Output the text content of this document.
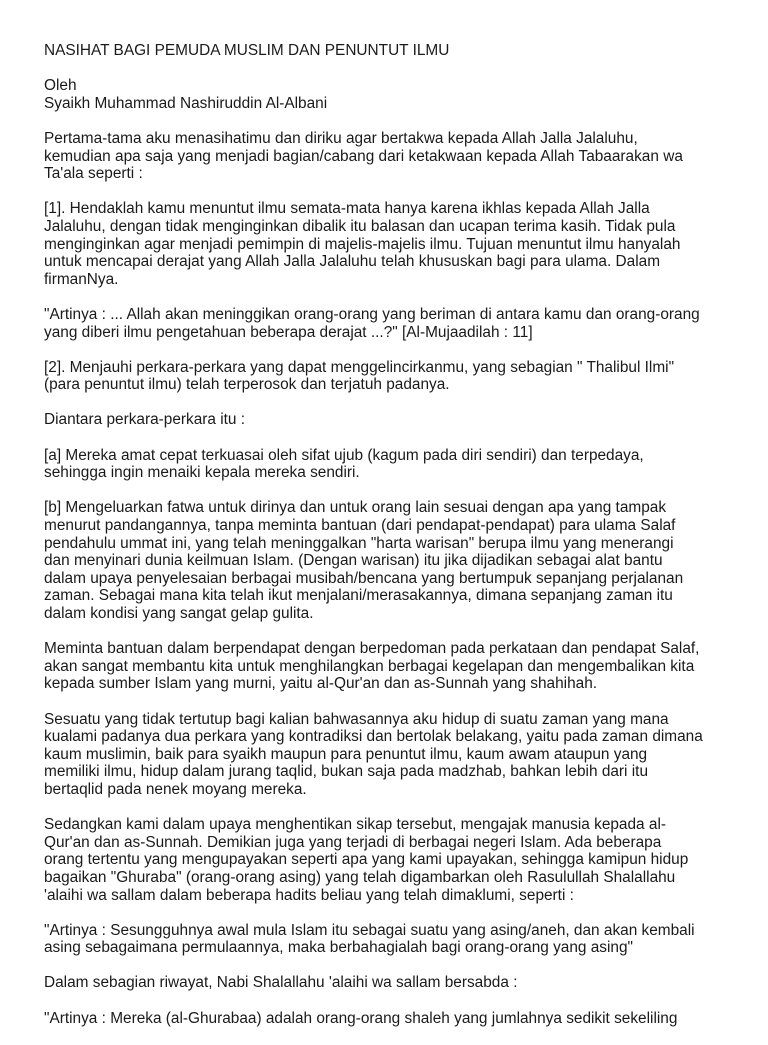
NASIHAT BAGI PEMUDA MUSLIM DAN PENUNTUT ILMU
Oleh
Syaikh Muhammad Nashiruddin Al-Albani
Pertama-tama aku menasihatimu dan diriku agar bertakwa kepada Allah Jalla Jalaluhu,
kemudian apa saja yang menjadi bagian/cabang dari ketakwaan kepada Allah Tabaarakan wa
Ta'ala seperti :
[1]. Hendaklah kamu menuntut ilmu semata-mata hanya karena ikhlas kepada Allah Jalla
Jalaluhu, dengan tidak menginginkan dibalik itu balasan dan ucapan terima kasih. Tidak pula
menginginkan agar menjadi pemimpin di majelis-majelis ilmu. Tujuan menuntut ilmu hanyalah
untuk mencapai derajat yang Allah Jalla Jalaluhu telah khususkan bagi para ulama. Dalam
firmanNya.
"Artinya : ... Allah akan meninggikan orang-orang yang beriman di antara kamu dan orang-orang
yang diberi ilmu pengetahuan beberapa derajat ...?" [Al-Mujaadilah : 11]
[2]. Menjauhi perkara-perkara yang dapat menggelincirkanmu, yang sebagian " Thalibul Ilmi"
(para penuntut ilmu) telah terperosok dan terjatuh padanya.
Diantara perkara-perkara itu :
[a] Mereka amat cepat terkuasai oleh sifat ujub (kagum pada diri sendiri) dan terpedaya,
sehingga ingin menaiki kepala mereka sendiri.
[b] Mengeluarkan fatwa untuk dirinya dan untuk orang lain sesuai dengan apa yang tampak
menurut pandangannya, tanpa meminta bantuan (dari pendapat-pendapat) para ulama Salaf
pendahulu ummat ini, yang telah meninggalkan "harta warisan" berupa ilmu yang menerangi
dan menyinari dunia keilmuan Islam. (Dengan warisan) itu jika dijadikan sebagai alat bantu
dalam upaya penyelesaian berbagai musibah/bencana yang bertumpuk sepanjang perjalanan
zaman. Sebagai mana kita telah ikut menjalani/merasakannya, dimana sepanjang zaman itu
dalam kondisi yang sangat gelap gulita.
Meminta bantuan dalam berpendapat dengan berpedoman pada perkataan dan pendapat Salaf,
akan sangat membantu kita untuk menghilangkan berbagai kegelapan dan mengembalikan kita
kepada sumber Islam yang murni, yaitu al-Qur'an dan as-Sunnah yang shahihah.
Sesuatu yang tidak tertutup bagi kalian bahwasannya aku hidup di suatu zaman yang mana
kualami padanya dua perkara yang kontradiksi dan bertolak belakang, yaitu pada zaman dimana
kaum muslimin, baik para syaikh maupun para penuntut ilmu, kaum awam ataupun yang
memiliki ilmu, hidup dalam jurang taqlid, bukan saja pada madzhab, bahkan lebih dari itu
bertaqlid pada nenek moyang mereka.
Sedangkan kami dalam upaya menghentikan sikap tersebut, mengajak manusia kepada al-
Qur'an dan as-Sunnah. Demikian juga yang terjadi di berbagai negeri Islam. Ada beberapa
orang tertentu yang mengupayakan seperti apa yang kami upayakan, sehingga kamipun hidup
bagaikan "Ghuraba" (orang-orang asing) yang telah digambarkan oleh Rasulullah Shalallahu
'alaihi wa sallam dalam beberapa hadits beliau yang telah dimaklumi, seperti :
"Artinya : Sesungguhnya awal mula Islam itu sebagai suatu yang asing/aneh, dan akan kembali
asing sebagaimana permulaannya, maka berbahagialah bagi orang-orang yang asing"
Dalam sebagian riwayat, Nabi Shalallahu 'alaihi wa sallam bersabda :
"Artinya : Mereka (al-Ghurabaa) adalah orang-orang shaleh yang jumlahnya sedikit sekeliling
